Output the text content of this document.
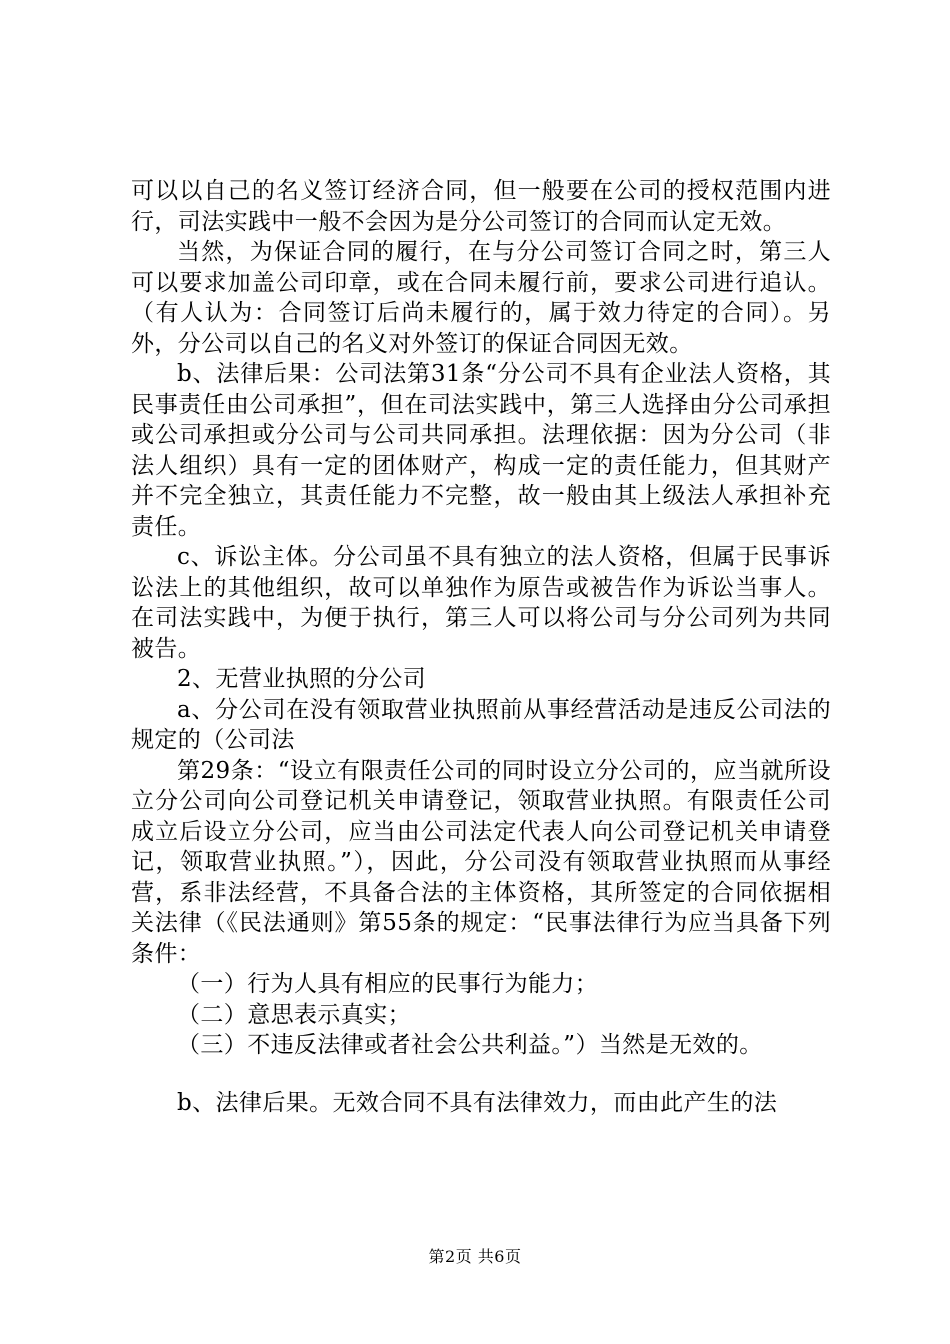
可以以自己的名义签订经济合同，但一般要在公司的授权范围内进行，司法实践中一般不会因为是分公司签订的合同而认定无效。

当然，为保证合同的履行，在与分公司签订合同之时，第三人可以要求加盖公司印章，或在合同未履行前，要求公司进行追认。（有人认为：合同签订后尚未履行的，属于效力待定的合同）。另外，分公司以自己的名义对外签订的保证合同因无效。

b、法律后果：公司法第31条“分公司不具有企业法人资格，其民事责任由公司承担”，但在司法实践中，第三人选择由分公司承担或公司承担或分公司与公司共同承担。法理依据：因为分公司（非法人组织）具有一定的团体财产，构成一定的责任能力，但其财产并不完全独立，其责任能力不完整，故一般由其上级法人承担补充责任。

c、诉讼主体。分公司虽不具有独立的法人资格，但属于民事诉讼法上的其他组织，故可以单独作为原告或被告作为诉讼当事人。在司法实践中，为便于执行，第三人可以将公司与分公司列为共同被告。

2、无营业执照的分公司

a、分公司在没有领取营业执照前从事经营活动是违反公司法的规定的（公司法

第29条：“设立有限责任公司的同时设立分公司的，应当就所设立分公司向公司登记机关申请登记，领取营业执照。有限责任公司成立后设立分公司，应当由公司法定代表人向公司登记机关申请登记，领取营业执照。”），因此，分公司没有领取营业执照而从事经营，系非法经营，不具备合法的主体资格，其所签定的合同依据相关法律（《民法通则》第55条的规定：“民事法律行为应当具备下列条件：

（一）行为人具有相应的民事行为能力；

（二）意思表示真实；

（三）不违反法律或者社会公共利益。”）当然是无效的。

b、法律后果。无效合同不具有法律效力，而由此产生的法

第2页 共6页
